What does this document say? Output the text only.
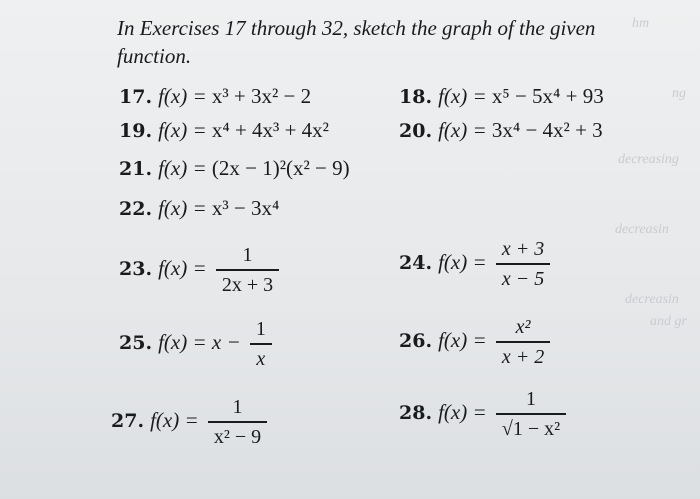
hm
ng
decreasing
decreasin
decreasin
and gr
In Exercises 17 through 32, sketch the graph of the given function.
17. f(x) = x³ + 3x² − 2	18. f(x) = x⁵ − 5x⁴ + 93
19. f(x) = x⁴ + 4x³ + 4x²	20. f(x) = 3x⁴ − 4x² + 3
21. f(x) = (2x − 1)²(x² − 9)
22. f(x) = x³ − 3x⁴
23. $f(x) = \frac{1}{2x + 3}$	24. $f(x) = \frac{x + 3}{x - 5}$
25. $f(x) = x - \frac{1}{x}$	26. $f(x) = \frac{\text{x²}}{x + 2}$
27. $f(x) = \frac{1}{\text{x² − 9}}$	28. $f(x) = \frac{1}{\text{√1 − x²}}$
